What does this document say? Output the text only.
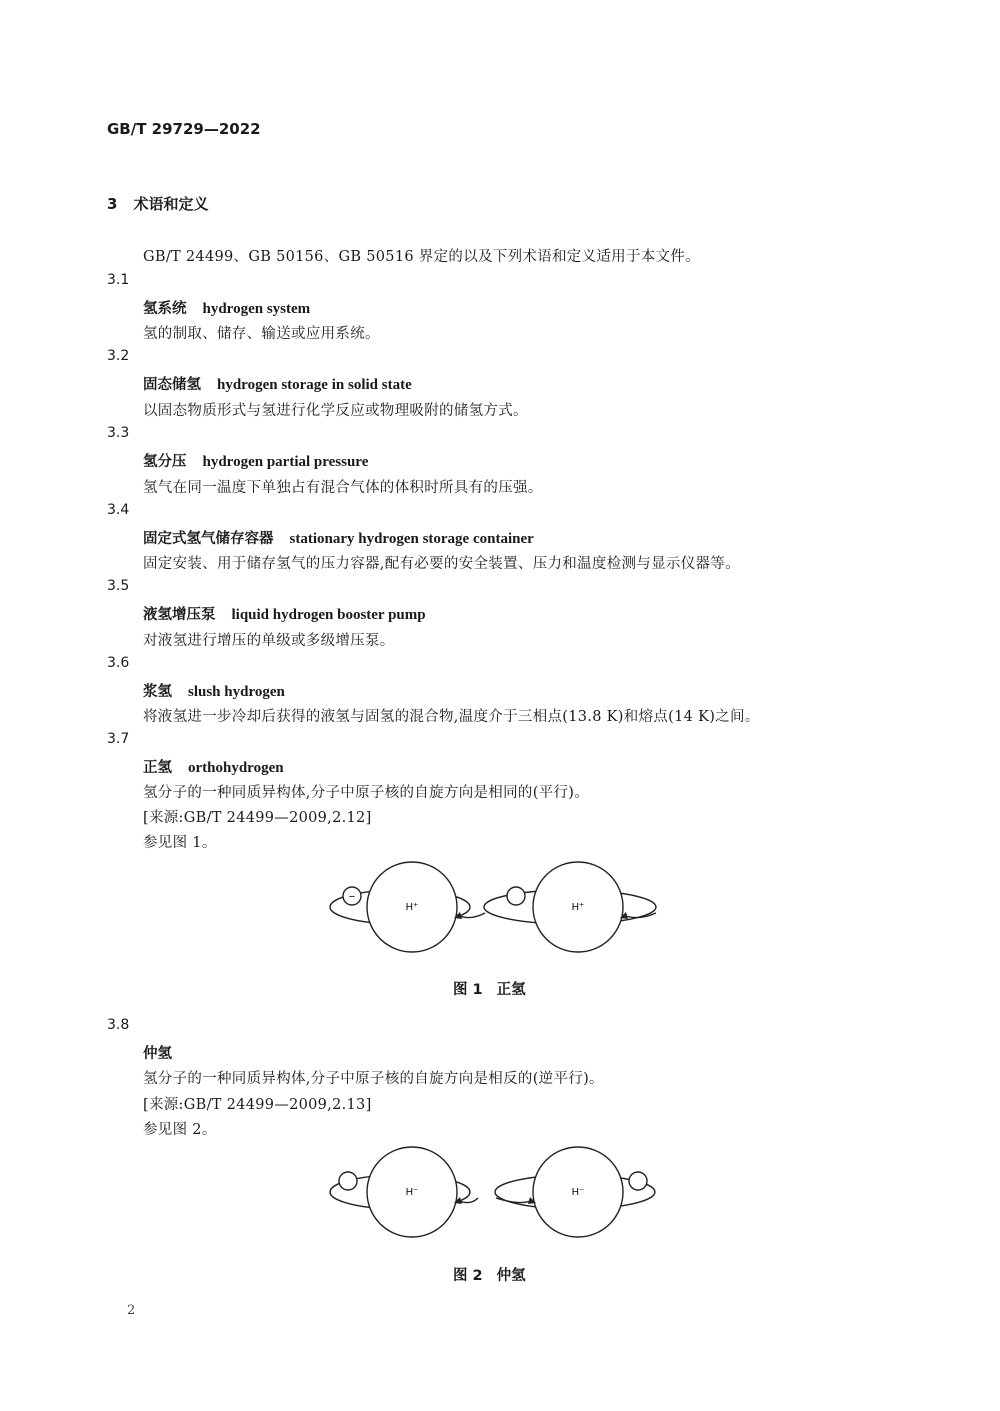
GB/T 29729—2022
3 术语和定义
GB/T 24499、GB 50156、GB 50516 界定的以及下列术语和定义适用于本文件。
3.1
氢系统 hydrogen system
氢的制取、储存、输送或应用系统。
3.2
固态储氢 hydrogen storage in solid state
以固态物质形式与氢进行化学反应或物理吸附的储氢方式。
3.3
氢分压 hydrogen partial pressure
氢气在同一温度下单独占有混合气体的体积时所具有的压强。
3.4
固定式氢气储存容器 stationary hydrogen storage container
固定安装、用于储存氢气的压力容器,配有必要的安全装置、压力和温度检测与显示仪器等。
3.5
液氢增压泵 liquid hydrogen booster pump
对液氢进行增压的单级或多级增压泵。
3.6
浆氢 slush hydrogen
将液氢进一步冷却后获得的液氢与固氢的混合物,温度介于三相点(13.8 K)和熔点(14 K)之间。
3.7
正氢 orthohydrogen
氢分子的一种同质异构体,分子中原子核的自旋方向是相同的(平行)。
[来源:GB/T 24499—2009,2.12]
参见图 1。
−
H⁺	H⁺
图 1 正氢
3.8
仲氢
氢分子的一种同质异构体,分子中原子核的自旋方向是相反的(逆平行)。
[来源:GB/T 24499—2009,2.13]
参见图 2。
H⁻	H⁻
图 2 仲氢
2
